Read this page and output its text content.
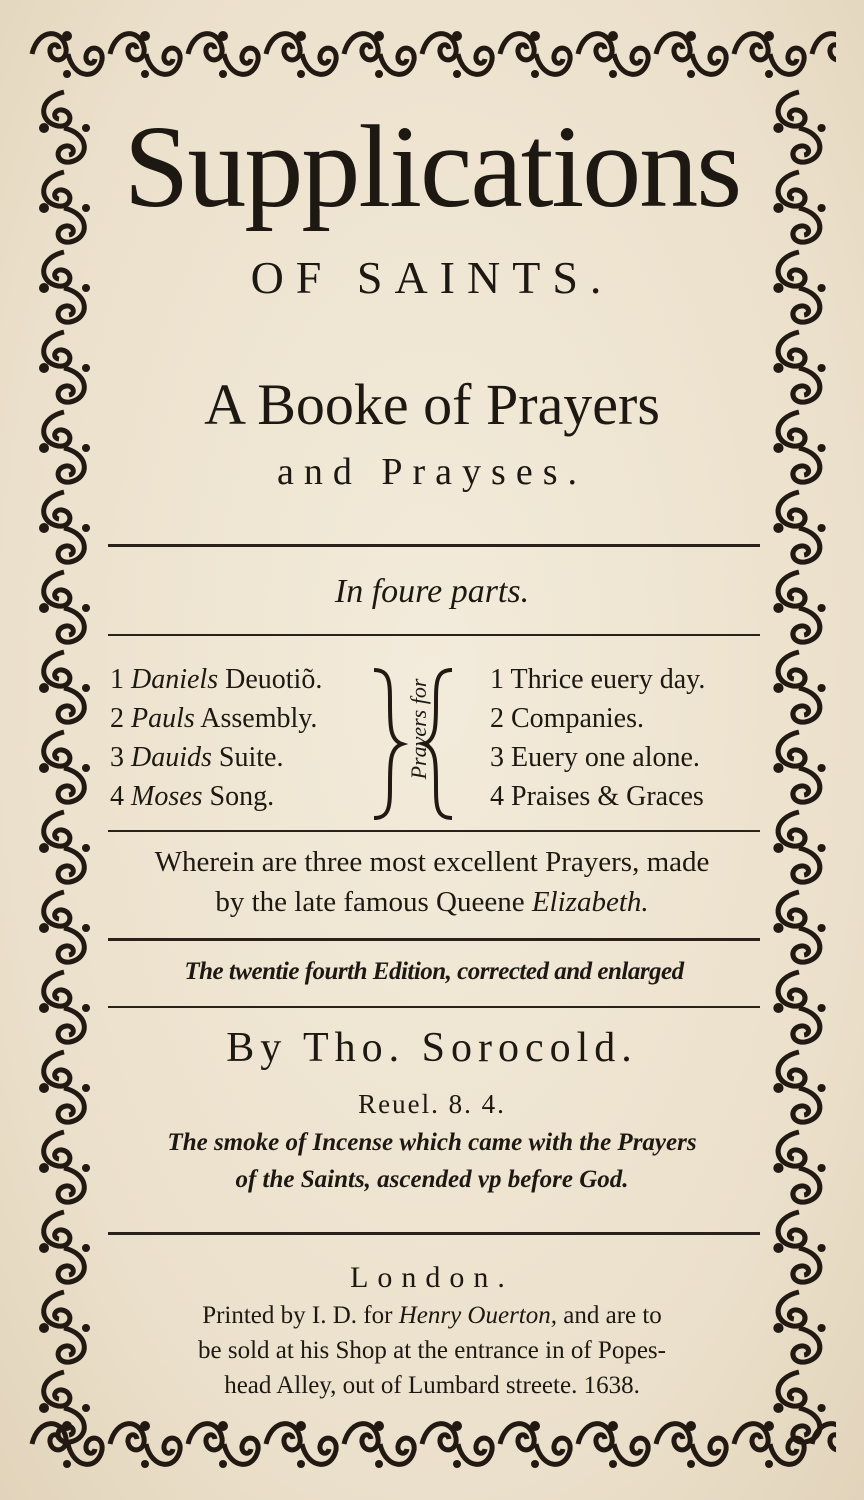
Supplications
OF SAINTS.
A Booke of Prayers
and Prayses.
In foure parts.
1 Daniels Deuotiõ.
2 Pauls Assembly.
3 Dauids Suite.
4 Moses Song.
Prayers for 1 Thrice euery day.
2 Companies.
3 Euery one alone.
4 Praises & Graces
Wherein are three most excellent Prayers, made
by the late famous Queene Elizabeth.
The twentie fourth Edition, corrected and enlarged
By Tho. Sorocold.
Reuel. 8. 4.
The smoke of Incense which came with the Prayers
of the Saints, ascended vp before God.
London.
Printed by I. D. for Henry Ouerton, and are to
be sold at his Shop at the entrance in of Popes-
head Alley, out of Lumbard streete. 1638.
